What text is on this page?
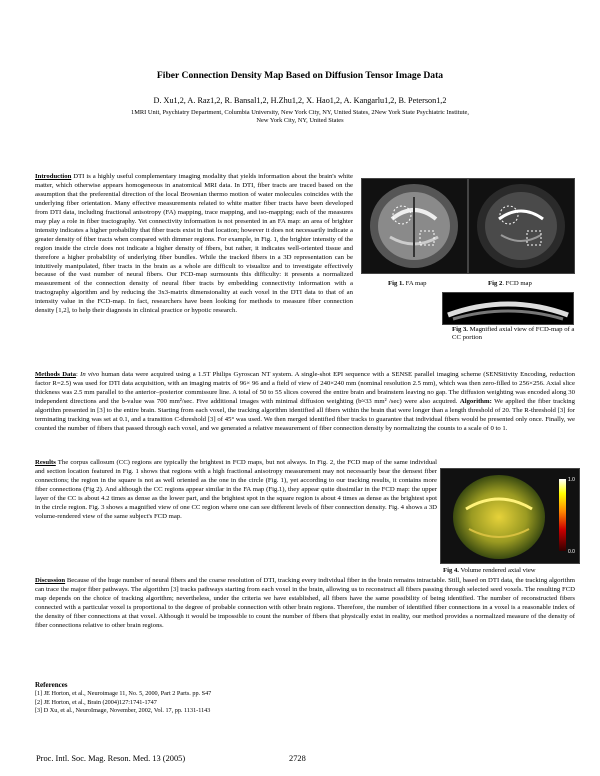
Fiber Connection Density Map Based on Diffusion Tensor Image Data
D. Xu1,2, A. Raz1,2, R. Bansal1,2, H.Zhu1,2, X. Hao1,2, A. Kangarlu1,2, B. Peterson1,2
1MRI Unit, Psychiatry Department, Columbia University, New York City, NY, United States, 2New York State Psychiatric Institute,
New York City, NY, United States
Fig 1. FA map	Fig 2. FCD map
Fig 3. Magnified axial view of FCD-map of a CC portion
Introduction DTI is a highly useful complementary imaging modality that yields information about the brain's white matter, which otherwise appears homogeneous in anatomical MRI data. In DTI, fiber tracts are traced based on the assumption that the preferential direction of the local Brownian thermo motion of water molecules coincides with the underlying fiber orientation. Many effective measurements related to white matter fiber tracts have been developed from DTI data, including fractional anisotropy (FA) mapping, trace mapping, and iso-mapping; each of the measures may play a role in fiber tractography. Yet connectivity information is not presented in an FA map: an area of brighter intensity indicates a higher probability that fiber tracts exist in that location; however it does not necessarily indicate a greater density of fiber tracts when compared with dimmer regions. For example, in Fig. 1, the brighter intensity of the region inside the circle does not indicate a higher density of fibers, but rather, it indicates well-oriented tissue and therefore a higher probability of underlying fiber bundles. While the tracked fibers in a 3D representation can be intuitively manipulated, fiber tracts in the brain as a whole are difficult to visualize and to investigate effectively because of the vast number of neural fibers. Our FCD-map surmounts this difficulty: it presents a normalized measurement of the connection density of neural fiber tracts by embedding connectivity information with a tractography algorithm and by reducing the 3x3-matrix dimensionality at each voxel in the DTI data to that of an intensity value in the FCD-map. In fact, researchers have been looking for methods to measure fiber connection density [1,2], to help their diagnosis in clinical practice or hypotic research.
Methods Data: In vivo human data were acquired using a 1.5T Philips Gyroscan NT system. A single-shot EPI sequence with a SENSE parallel imaging scheme (SENSitivity Encoding, reduction factor R=2.5) was used for DTI data acquisition, with an imaging matrix of 96× 96 and a field of view of 240×240 mm (nominal resolution 2.5 mm), which was then zero-filled to 256×256. Axial slice thickness was 2.5 mm parallel to the anterior–posterior commissure line. A total of 50 to 55 slices covered the entire brain and brainstem leaving no gap. The diffusion weighting was encoded along 30 independent directions and the b-value was 700 mm²/sec. Five additional images with minimal diffusion weighting (b≈33 mm² /sec) were also acquired. Algorithm: We applied the fiber tracking algorithm presented in [3] to the entire brain. Starting from each voxel, the tracking algorithm identified all fibers within the brain that were longer than a length threshold of 20. The R-threshold [3] for terminating tracking was set at 0.1, and a transition C-threshold [3] of 45° was used. We then merged identified fiber tracks to guarantee that individual fibers would be presented only once. Finally, we counted the number of fibers that passed through each voxel, and we generated a relative measurement of fiber connection density by normalizing the counts to a scale of 0 to 1.
Results The corpus callosum (CC) regions are typically the brightest in FCD maps, but not always. In Fig. 2, the FCD map of the same individual and section location featured in Fig. 1 shows that regions with a high fractional anisotropy measurement may not necessarily bear the densest fiber connections; the region in the square is not as well oriented as the one in the circle (Fig. 1), yet according to our tracking results, it contains more fiber connections (Fig 2). And although the CC regions appear similar in the FA map (Fig.1), they appear quite dissimilar in the FCD map: the upper layer of the CC is about 4.2 times as dense as the lower part, and the brightest spot in the square region is about 4 times as dense as the brightest spot in the circle region. Fig. 3 shows a magnified view of one CC region where one can see different levels of fiber connection density. Fig. 4 shows a 3D volume-rendered view of the same subject's FCD map.
1.0
0.0
Fig 4. Volume rendered axial view
Discussion Because of the huge number of neural fibers and the coarse resolution of DTI, tracking every individual fiber in the brain remains intractable. Still, based on DTI data, the tracking algorithm can trace the major fiber pathways. The algorithm [3] tracks pathways starting from each voxel in the brain, allowing us to reconstruct all fibers passing through selected seed voxels. The resulting FCD map depends on the choice of tracking algorithm; nevertheless, under the criteria we have established, all fibers have the same possibility of being identified. The number of reconstructed fibers connected with a particular voxel is proportional to the degree of probable connection with other brain regions. Therefore, the number of identified fiber connections in a voxel is a reasonable index of the density of fiber connections at that voxel. Although it would be impossible to count the number of fibers that physically exist in reality, our method provides a normalized measure of the density of fiber connections relative to other brain regions.
References
[1] JE Horton, et al., Neuroimage 11, No. 5, 2000, Part 2 Parts. pp. S47
[2] JE Horton, et al., Brain (2004)127:1741-1747
[3] D Xu, et al., NeuroImage, November, 2002, Vol. 17, pp. 1131-1143
Proc. Intl. Soc. Mag. Reson. Med. 13 (2005)	2728
